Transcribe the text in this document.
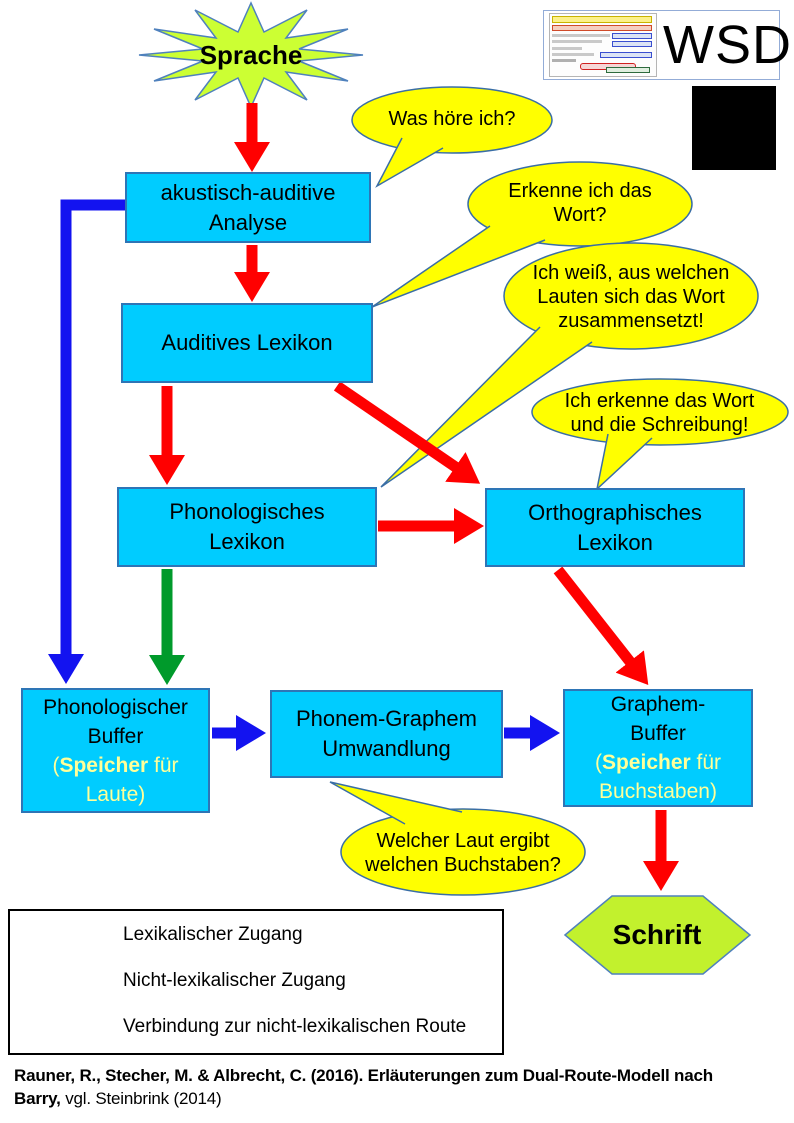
Sprache
Schrift
akustisch-auditive
Analyse
Auditives Lexikon
Phonologisches
Lexikon
Orthographisches
Lexikon
Phonologischer
Buffer
(Speicher für Laute)
Phonem-Graphem
Umwandlung
Graphem-
Buffer
(Speicher für Buchstaben)
Was höre ich?
Erkenne ich das Wort?
Ich weiß, aus welchen Lauten sich das Wort zusammensetzt!
Ich erkenne das Wort und die Schreibung!
Welcher Laut ergibt welchen Buchstaben?
WSD
Lexikalischer Zugang
Nicht-lexikalischer Zugang
Verbindung zur nicht-lexikalischen Route
Rauner, R., Stecher, M. & Albrecht, C. (2016). Erläuterungen zum Dual-Route-Modell nach Barry, vgl. Steinbrink (2014)
